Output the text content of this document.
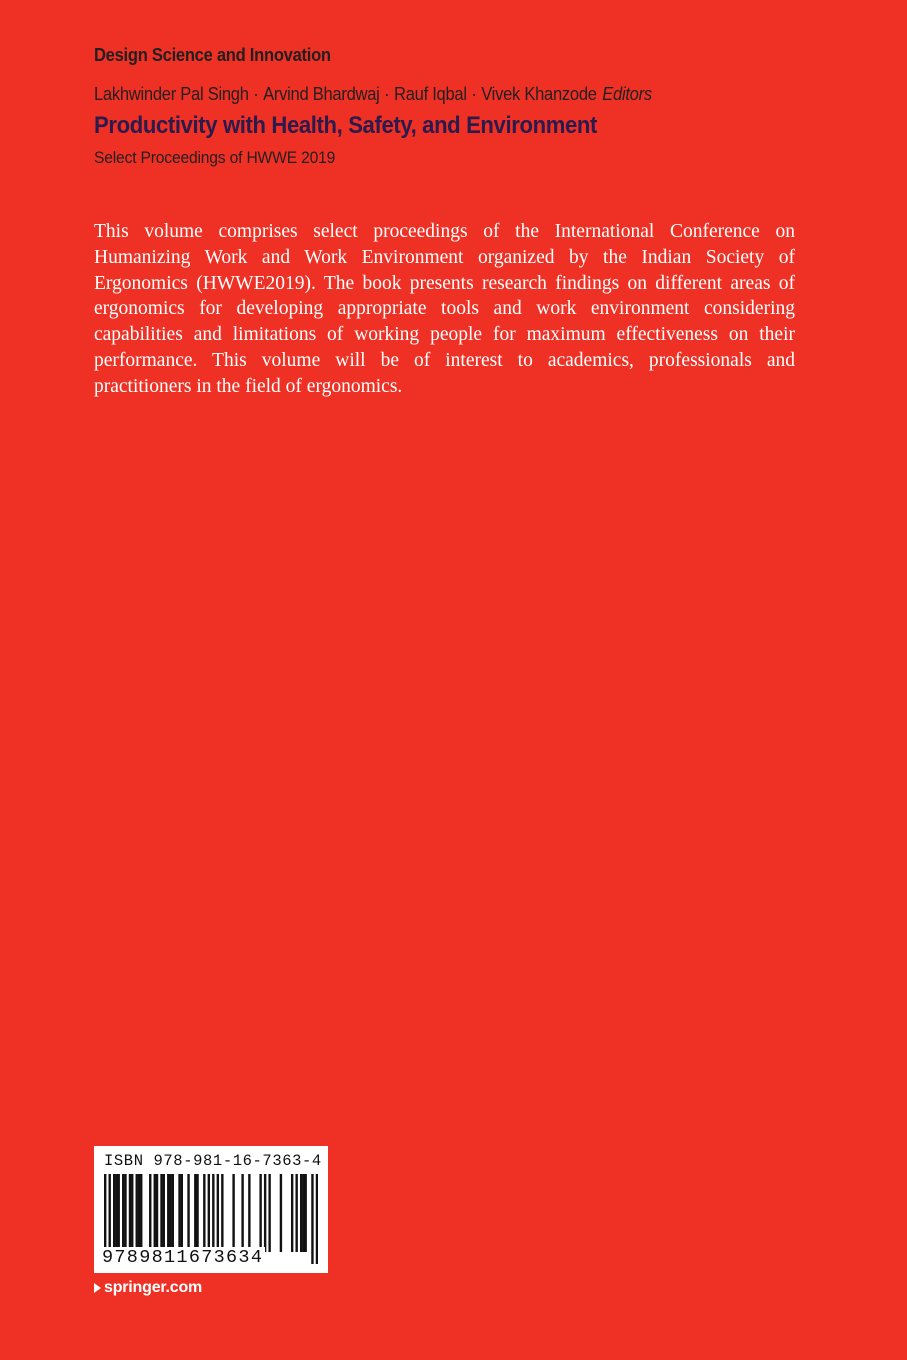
Design Science and Innovation
Lakhwinder Pal Singh · Arvind Bhardwaj · Rauf Iqbal · Vivek Khanzode Editors
Productivity with Health, Safety, and Environment
Select Proceedings of HWWE 2019

This volume comprises select proceedings of the International Conference on Humanizing Work and Work Environment organized by the Indian Society of Ergonomics (HWWE2019). The book presents research findings on different areas of ergonomics for developing appropriate tools and work environment considering capabilities and limitations of working people for maximum effectiveness on their performance. This volume will be of interest to academics, professionals and practitioners in the field of ergonomics.

ISBN 978-981-16-7363-4
9789811673634
springer.com
